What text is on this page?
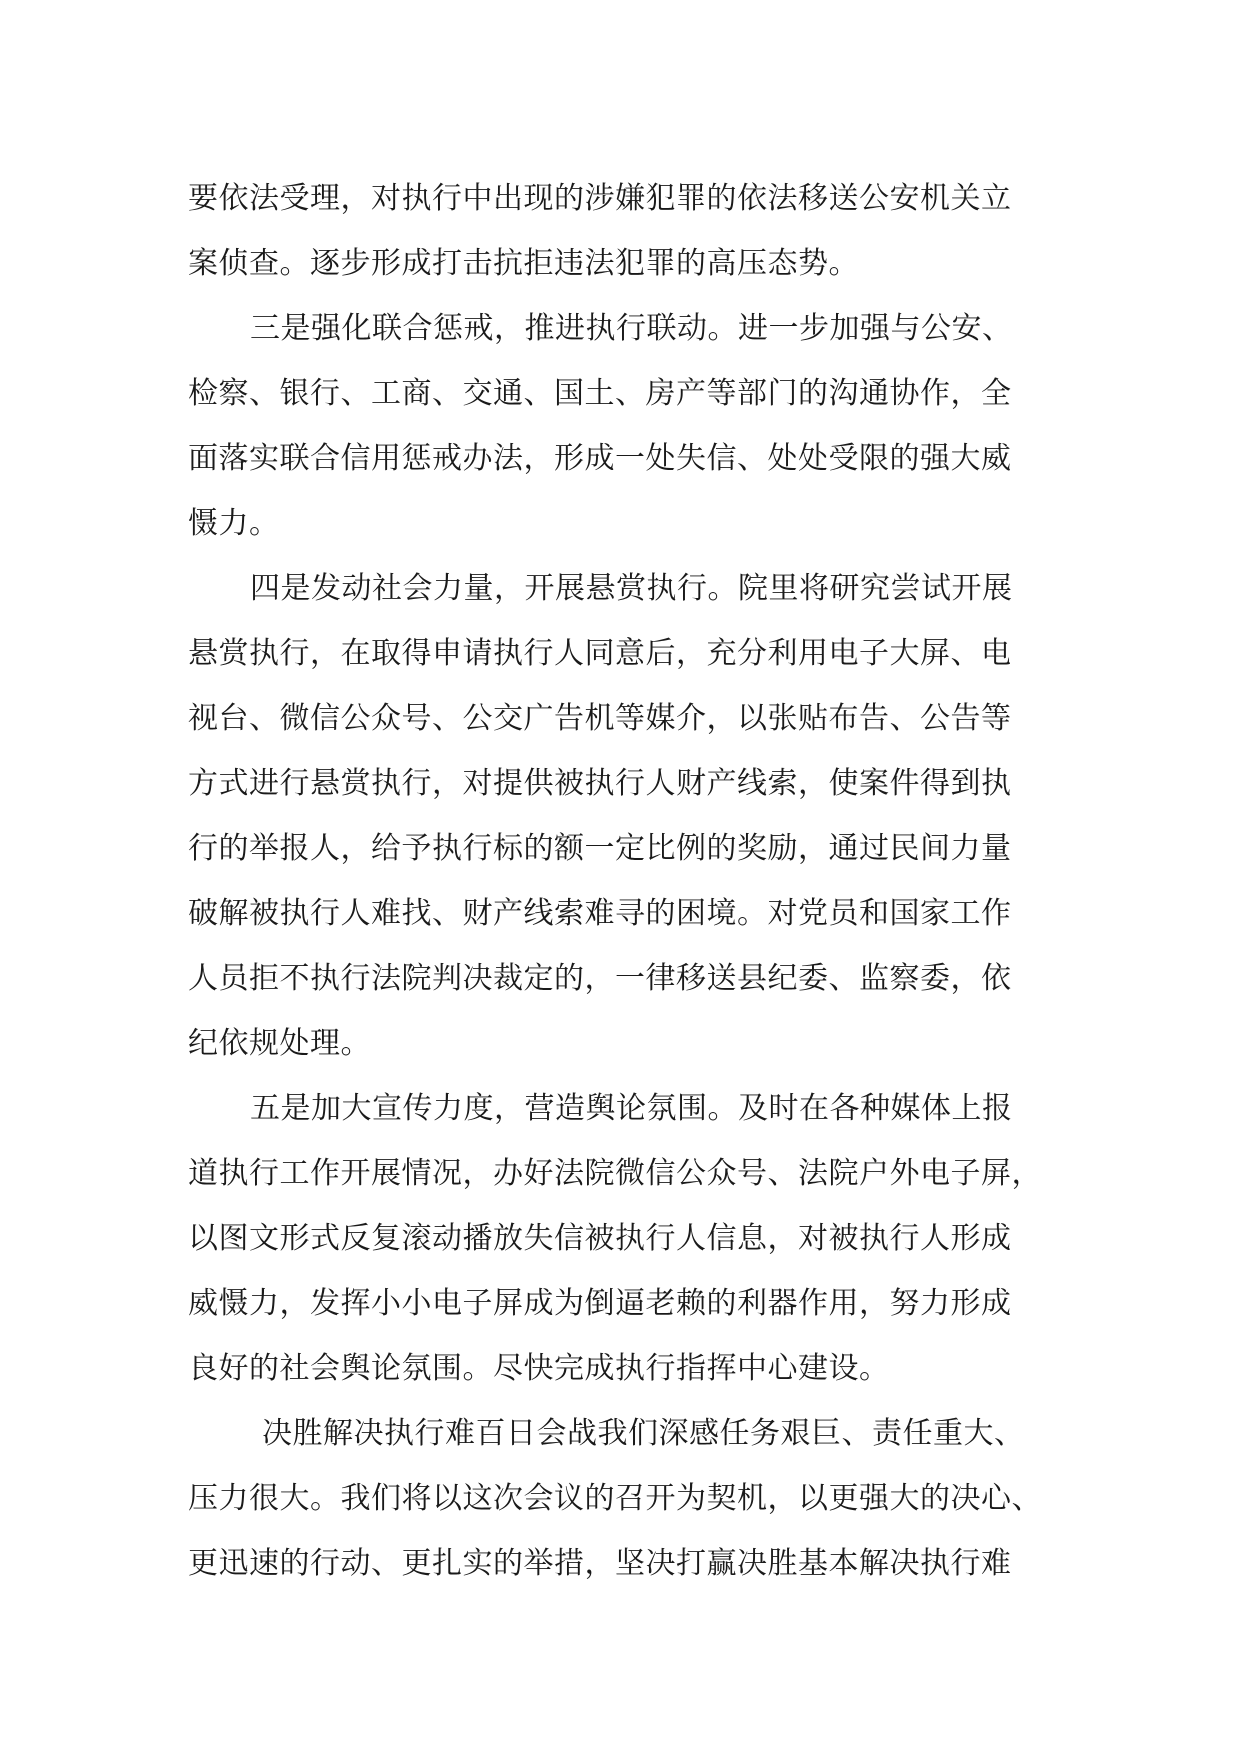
要依法受理，对执行中出现的涉嫌犯罪的依法移送公安机关立
案侦查。逐步形成打击抗拒违法犯罪的高压态势。
三是强化联合惩戒，推进执行联动。进一步加强与公安、
检察、银行、工商、交通、国土、房产等部门的沟通协作，全
面落实联合信用惩戒办法，形成一处失信、处处受限的强大威
慑力。
四是发动社会力量，开展悬赏执行。院里将研究尝试开展
悬赏执行，在取得申请执行人同意后，充分利用电子大屏、电
视台、微信公众号、公交广告机等媒介，以张贴布告、公告等
方式进行悬赏执行，对提供被执行人财产线索，使案件得到执
行的举报人，给予执行标的额一定比例的奖励，通过民间力量
破解被执行人难找、财产线索难寻的困境。对党员和国家工作
人员拒不执行法院判决裁定的，一律移送县纪委、监察委，依
纪依规处理。
五是加大宣传力度，营造舆论氛围。及时在各种媒体上报
道执行工作开展情况，办好法院微信公众号、法院户外电子屏，
以图文形式反复滚动播放失信被执行人信息，对被执行人形成
威慑力，发挥小小电子屏成为倒逼老赖的利器作用，努力形成
良好的社会舆论氛围。尽快完成执行指挥中心建设。
决胜解决执行难百日会战我们深感任务艰巨、责任重大、
压力很大。我们将以这次会议的召开为契机，以更强大的决心、
更迅速的行动、更扎实的举措，坚决打赢决胜基本解决执行难
